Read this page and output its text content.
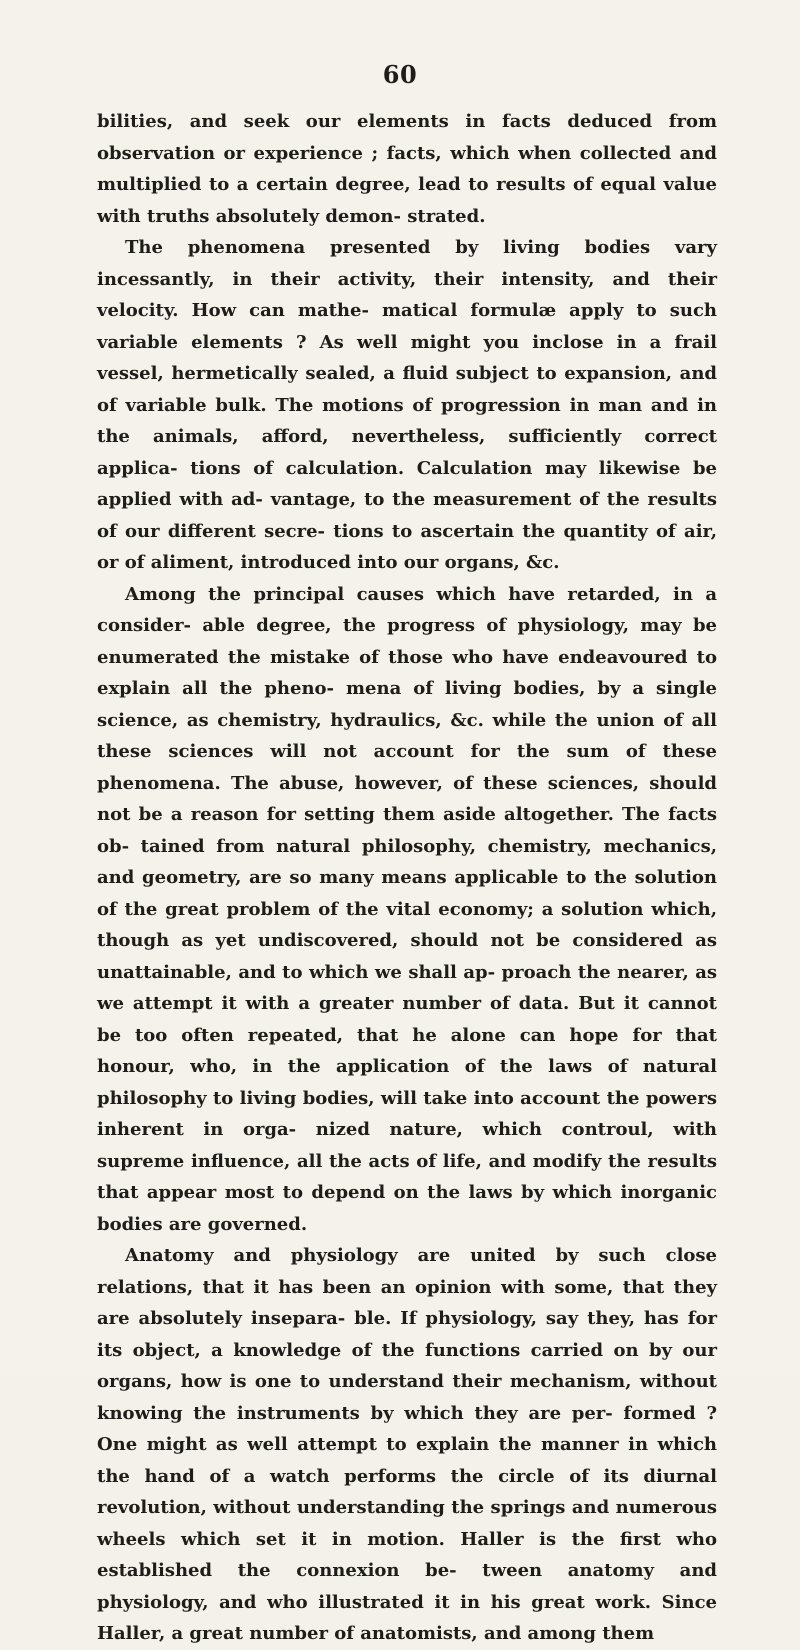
60

bilities, and seek our elements in facts deduced from observation or experience ; facts, which when collected and multiplied to a certain degree, lead to results of equal value with truths absolutely demon- strated.

The phenomena presented by living bodies vary incessantly, in their activity, their intensity, and their velocity. How can mathe- matical formulæ apply to such variable elements ? As well might you inclose in a frail vessel, hermetically sealed, a fluid subject to expansion, and of variable bulk. The motions of progression in man and in the animals, afford, nevertheless, sufficiently correct applica- tions of calculation. Calculation may likewise be applied with ad- vantage, to the measurement of the results of our different secre- tions to ascertain the quantity of air, or of aliment, introduced into our organs, &c.

Among the principal causes which have retarded, in a consider- able degree, the progress of physiology, may be enumerated the mistake of those who have endeavoured to explain all the pheno- mena of living bodies, by a single science, as chemistry, hydraulics, &c. while the union of all these sciences will not account for the sum of these phenomena. The abuse, however, of these sciences, should not be a reason for setting them aside altogether. The facts ob- tained from natural philosophy, chemistry, mechanics, and geometry, are so many means applicable to the solution of the great problem of the vital economy; a solution which, though as yet undiscovered, should not be considered as unattainable, and to which we shall ap- proach the nearer, as we attempt it with a greater number of data. But it cannot be too often repeated, that he alone can hope for that honour, who, in the application of the laws of natural philosophy to living bodies, will take into account the powers inherent in orga- nized nature, which controul, with supreme influence, all the acts of life, and modify the results that appear most to depend on the laws by which inorganic bodies are governed.

Anatomy and physiology are united by such close relations, that it has been an opinion with some, that they are absolutely insepara- ble. If physiology, say they, has for its object, a knowledge of the functions carried on by our organs, how is one to understand their mechanism, without knowing the instruments by which they are per- formed ? One might as well attempt to explain the manner in which the hand of a watch performs the circle of its diurnal revolution, without understanding the springs and numerous wheels which set it in motion. Haller is the first who established the connexion be- tween anatomy and physiology, and who illustrated it in his great work. Since Haller, a great number of anatomists, and among them
